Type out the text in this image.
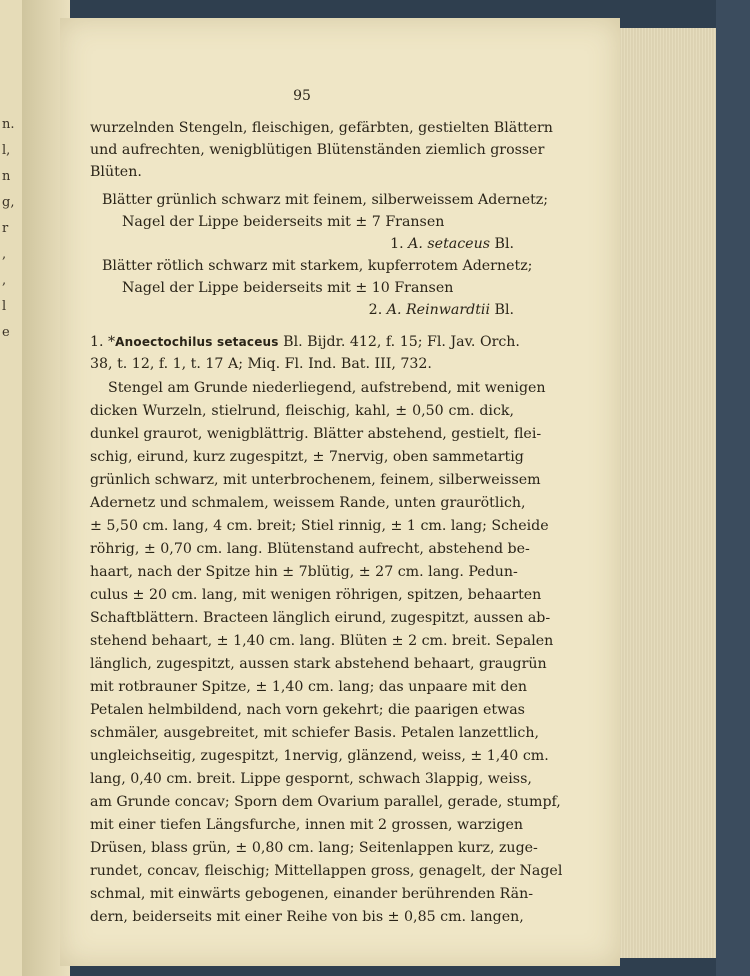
n.
l,
n
g,
r
,
,
l
e
95
wurzelnden Stengeln, fleischigen, gefärbten, gestielten Blättern
und aufrechten, wenigblütigen Blütenständen ziemlich grosser
Blüten.
Blätter grünlich schwarz mit feinem, silberweissem Adernetz;
Nagel der Lippe beiderseits mit ± 7 Fransen
1. A. setaceus Bl.
Blätter rötlich schwarz mit starkem, kupferrotem Adernetz;
Nagel der Lippe beiderseits mit ± 10 Fransen
2. A. Reinwardtii Bl.
1. *Anoectochilus setaceus Bl. Bijdr. 412, f. 15; Fl. Jav. Orch.
38, t. 12, f. 1, t. 17 A; Miq. Fl. Ind. Bat. III, 732.
Stengel am Grunde niederliegend, aufstrebend, mit wenigen
dicken Wurzeln, stielrund, fleischig, kahl, ± 0,50 cm. dick,
dunkel graurot, wenigblättrig. Blätter abstehend, gestielt, flei-
schig, eirund, kurz zugespitzt, ± 7nervig, oben sammetartig
grünlich schwarz, mit unterbrochenem, feinem, silberweissem
Adernetz und schmalem, weissem Rande, unten graurötlich,
± 5,50 cm. lang, 4 cm. breit; Stiel rinnig, ± 1 cm. lang; Scheide
röhrig, ± 0,70 cm. lang. Blütenstand aufrecht, abstehend be-
haart, nach der Spitze hin ± 7blütig, ± 27 cm. lang. Pedun-
culus ± 20 cm. lang, mit wenigen röhrigen, spitzen, behaarten
Schaftblättern. Bracteen länglich eirund, zugespitzt, aussen ab-
stehend behaart, ± 1,40 cm. lang. Blüten ± 2 cm. breit. Sepalen
länglich, zugespitzt, aussen stark abstehend behaart, graugrün
mit rotbrauner Spitze, ± 1,40 cm. lang; das unpaare mit den
Petalen helmbildend, nach vorn gekehrt; die paarigen etwas
schmäler, ausgebreitet, mit schiefer Basis. Petalen lanzettlich,
ungleichseitig, zugespitzt, 1nervig, glänzend, weiss, ± 1,40 cm.
lang, 0,40 cm. breit. Lippe gespornt, schwach 3lappig, weiss,
am Grunde concav; Sporn dem Ovarium parallel, gerade, stumpf,
mit einer tiefen Längsfurche, innen mit 2 grossen, warzigen
Drüsen, blass grün, ± 0,80 cm. lang; Seitenlappen kurz, zuge-
rundet, concav, fleischig; Mittellappen gross, genagelt, der Nagel
schmal, mit einwärts gebogenen, einander berührenden Rän-
dern, beiderseits mit einer Reihe von bis ± 0,85 cm. langen,
